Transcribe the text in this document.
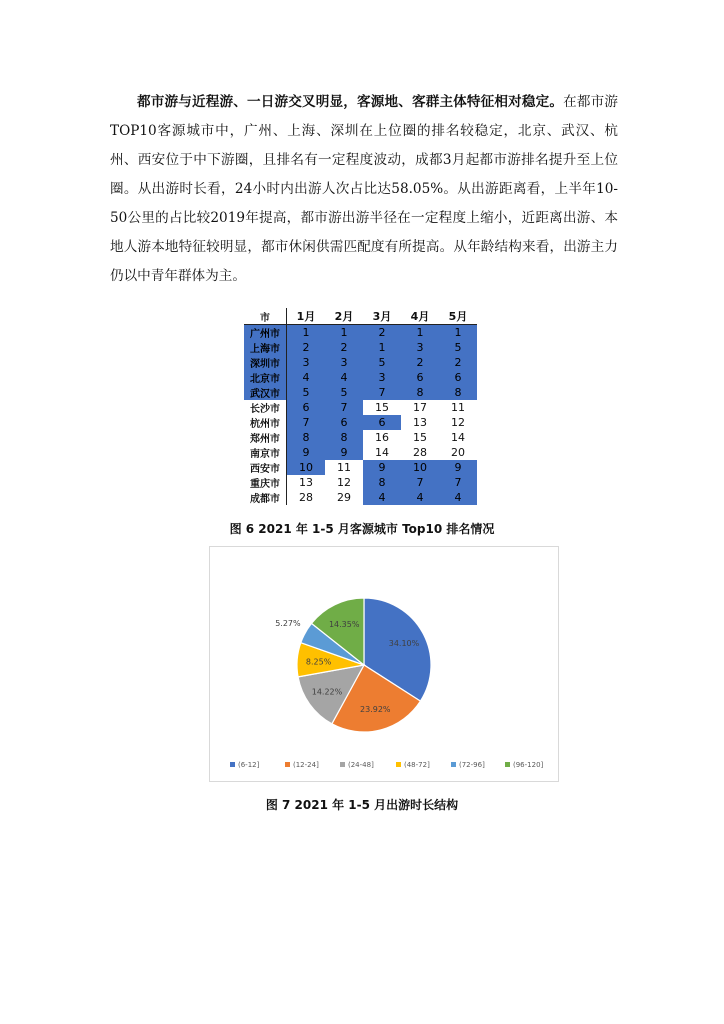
都市游与近程游、一日游交叉明显，客源地、客群主体特征相对稳定。在都市游TOP10客源城市中，广州、上海、深圳在上位圈的排名较稳定，北京、武汉、杭州、西安位于中下游圈，且排名有一定程度波动，成都3月起都市游排名提升至上位圈。从出游时长看，24小时内出游人次占比达58.05%。从出游距离看，上半年10-50公里的占比较2019年提高，都市游出游半径在一定程度上缩小，近距离出游、本地人游本地特征较明显，都市休闲供需匹配度有所提高。从年龄结构来看，出游主力仍以中青年群体为主。

市	1月	2月	3月	4月	5月
广州市	1	1	2	1	1
上海市	2	2	1	3	5
深圳市	3	3	5	2	2
北京市	4	4	3	6	6
武汉市	5	5	7	8	8
长沙市	6	7	15	17	11
杭州市	7	6	6	13	12
郑州市	8	8	16	15	14
南京市	9	9	14	28	20
西安市	10	11	9	10	9
重庆市	13	12	8	7	7
成都市	28	29	4	4	4
图 6 2021 年 1-5 月客源城市 Top10 排名情况
34.10%
23.92%
14.22%
8.25%
5.27%	14.35%
(6-12]	(12-24]	(24-48]	(48-72]	(72-96]	(96-120]
图 7 2021 年 1-5 月出游时长结构
